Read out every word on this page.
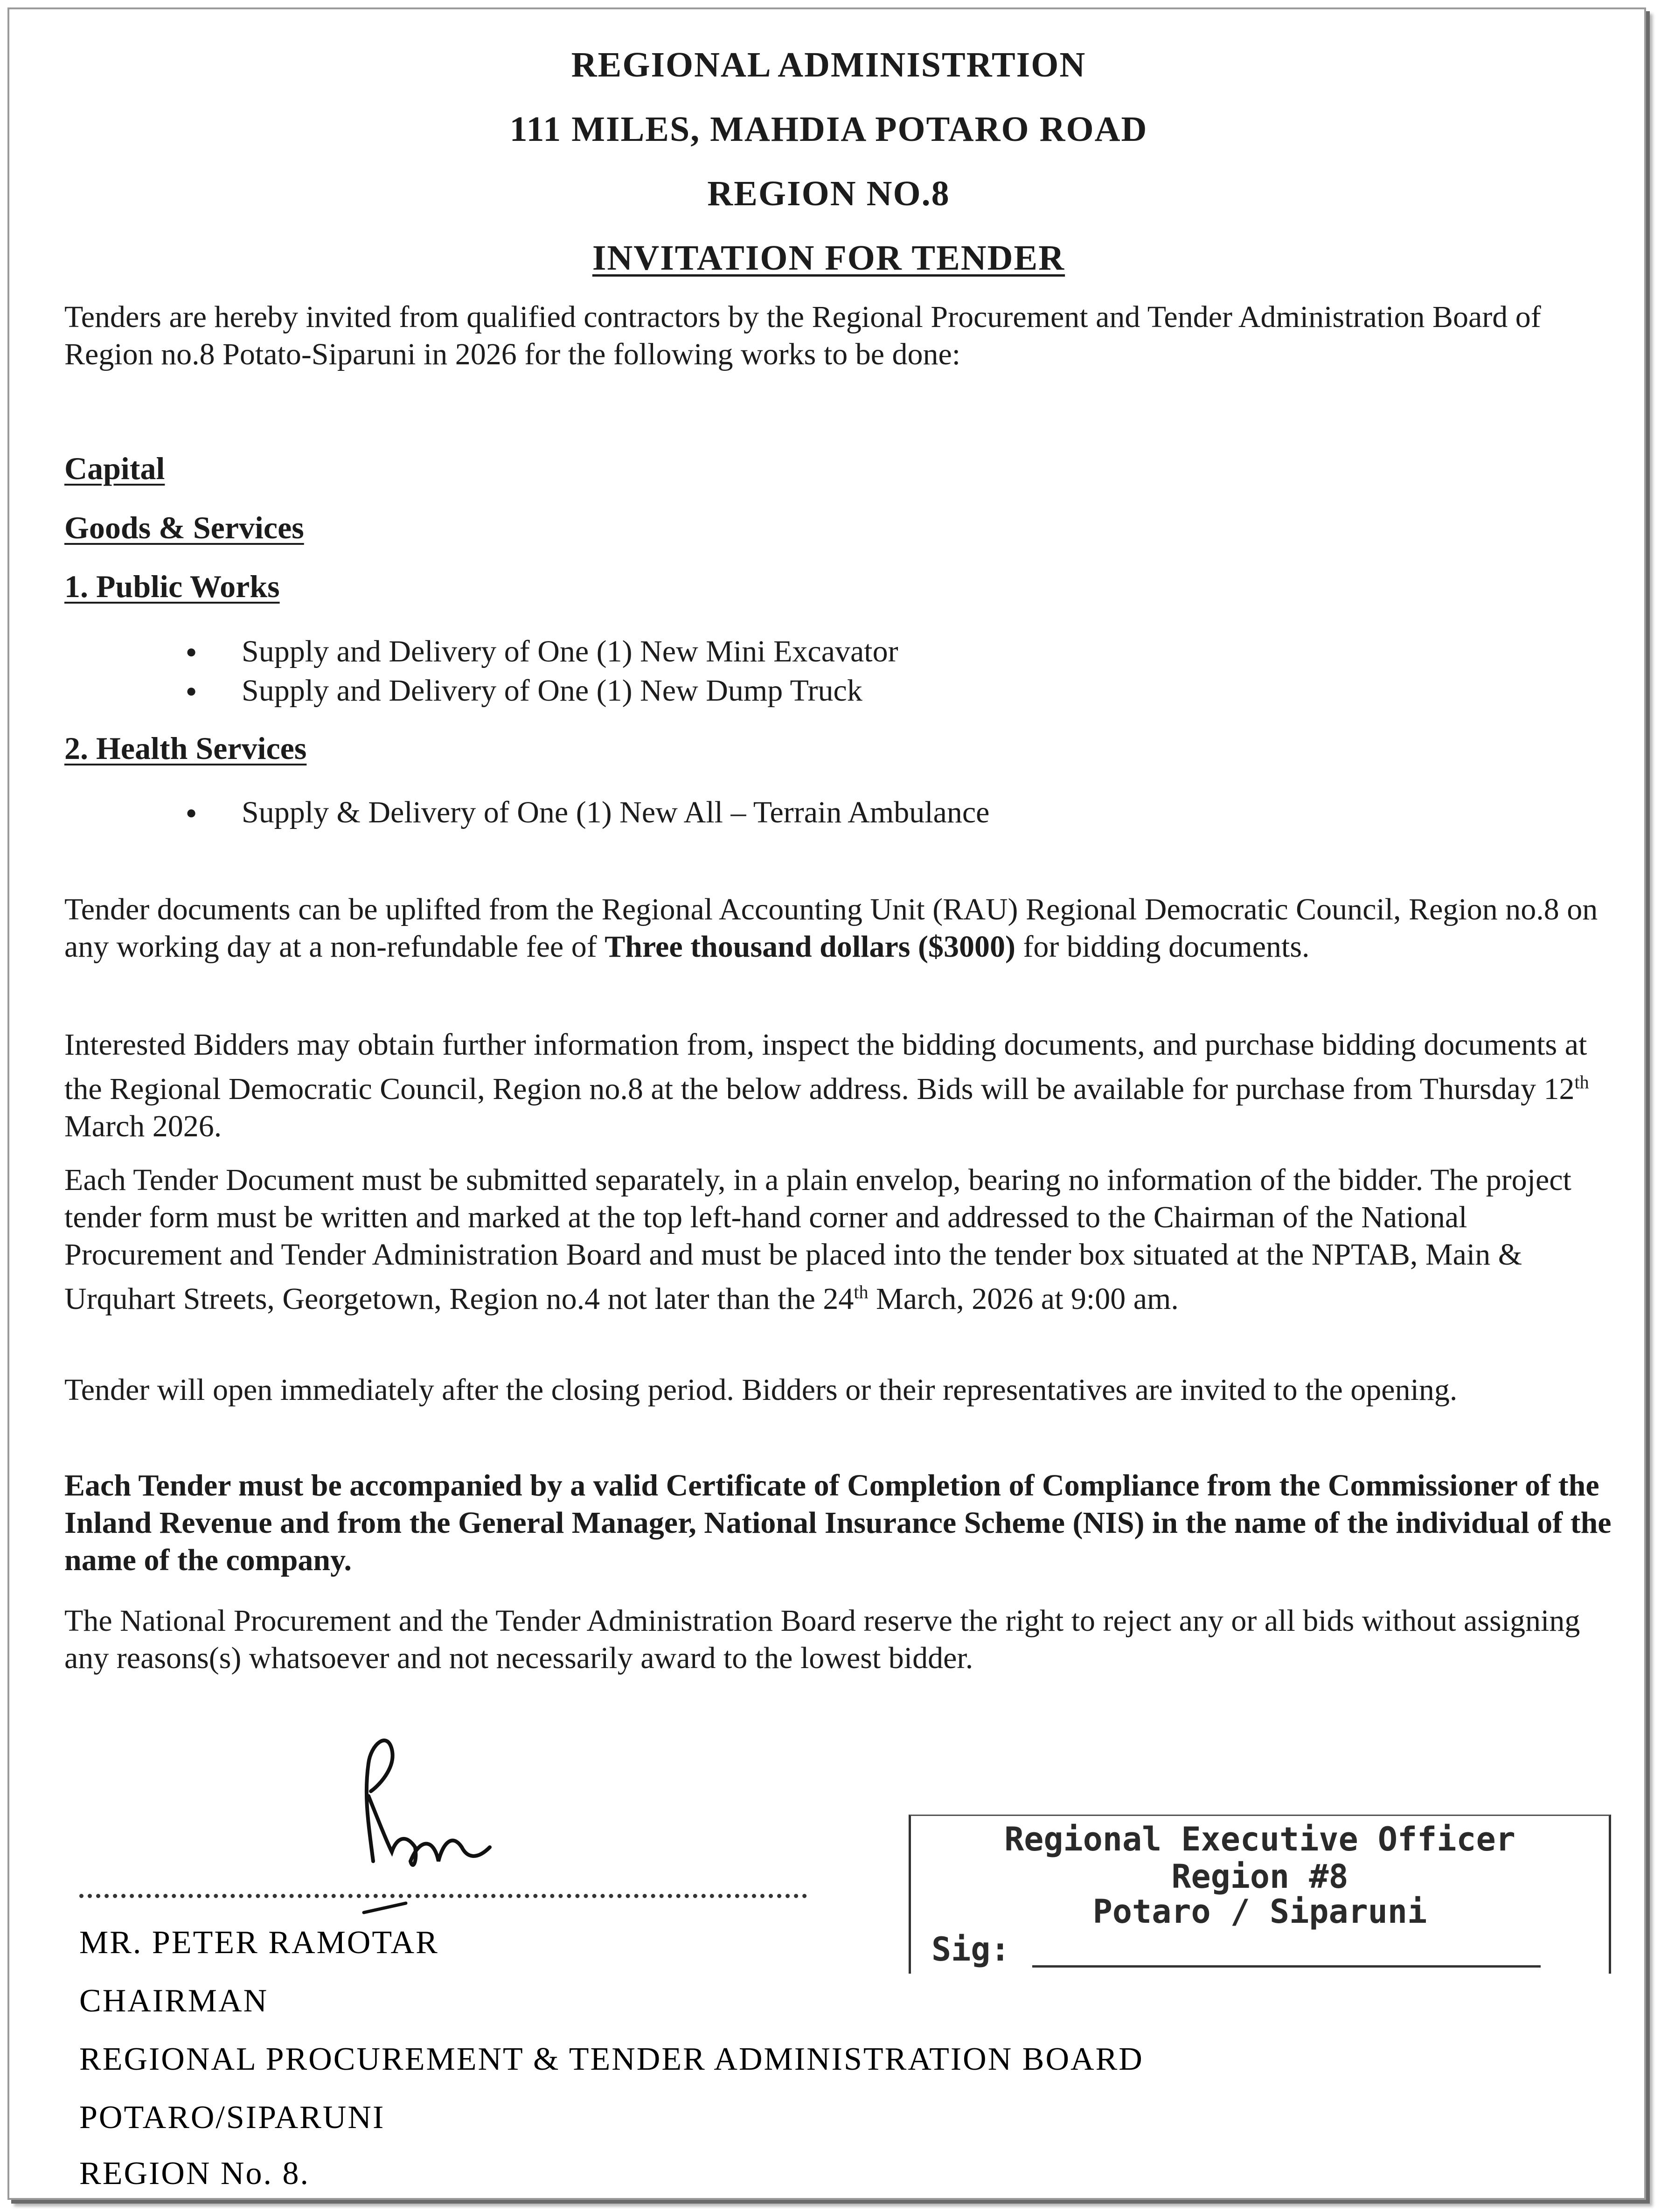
REGIONAL ADMINISTRTION
111 MILES, MAHDIA POTARO ROAD
REGION NO.8
INVITATION FOR TENDER

Tenders are hereby invited from qualified contractors by the Regional Procurement and Tender Administration Board of Region no.8 Potato-Siparuni in 2026 for the following works to be done:

Capital
Goods & Services
1. Public Works
● Supply and Delivery of One (1) New Mini Excavator
● Supply and Delivery of One (1) New Dump Truck
2. Health Services
● Supply & Delivery of One (1) New All – Terrain Ambulance

Tender documents can be uplifted from the Regional Accounting Unit (RAU) Regional Democratic Council, Region no.8 on any working day at a non-refundable fee of Three thousand dollars ($3000) for bidding documents.

Interested Bidders may obtain further information from, inspect the bidding documents, and purchase bidding documents at the Regional Democratic Council, Region no.8 at the below address. Bids will be available for purchase from Thursday 12th March 2026.

Each Tender Document must be submitted separately, in a plain envelop, bearing no information of the bidder. The project tender form must be written and marked at the top left-hand corner and addressed to the Chairman of the National Procurement and Tender Administration Board and must be placed into the tender box situated at the NPTAB, Main & Urquhart Streets, Georgetown, Region no.4 not later than the 24th March, 2026 at 9:00 am.

Tender will open immediately after the closing period. Bidders or their representatives are invited to the opening.

Each Tender must be accompanied by a valid Certificate of Completion of Compliance from the Commissioner of the Inland Revenue and from the General Manager, National Insurance Scheme (NIS) in the name of the individual of the name of the company.

The National Procurement and the Tender Administration Board reserve the right to reject any or all bids without assigning any reasons(s) whatsoever and not necessarily award to the lowest bidder.

MR. PETER RAMOTAR
CHAIRMAN
REGIONAL PROCUREMENT & TENDER ADMINISTRATION BOARD
POTARO/SIPARUNI
REGION No. 8.
Regional Executive Officer
Region #8
Potaro / Siparuni
Sig:
